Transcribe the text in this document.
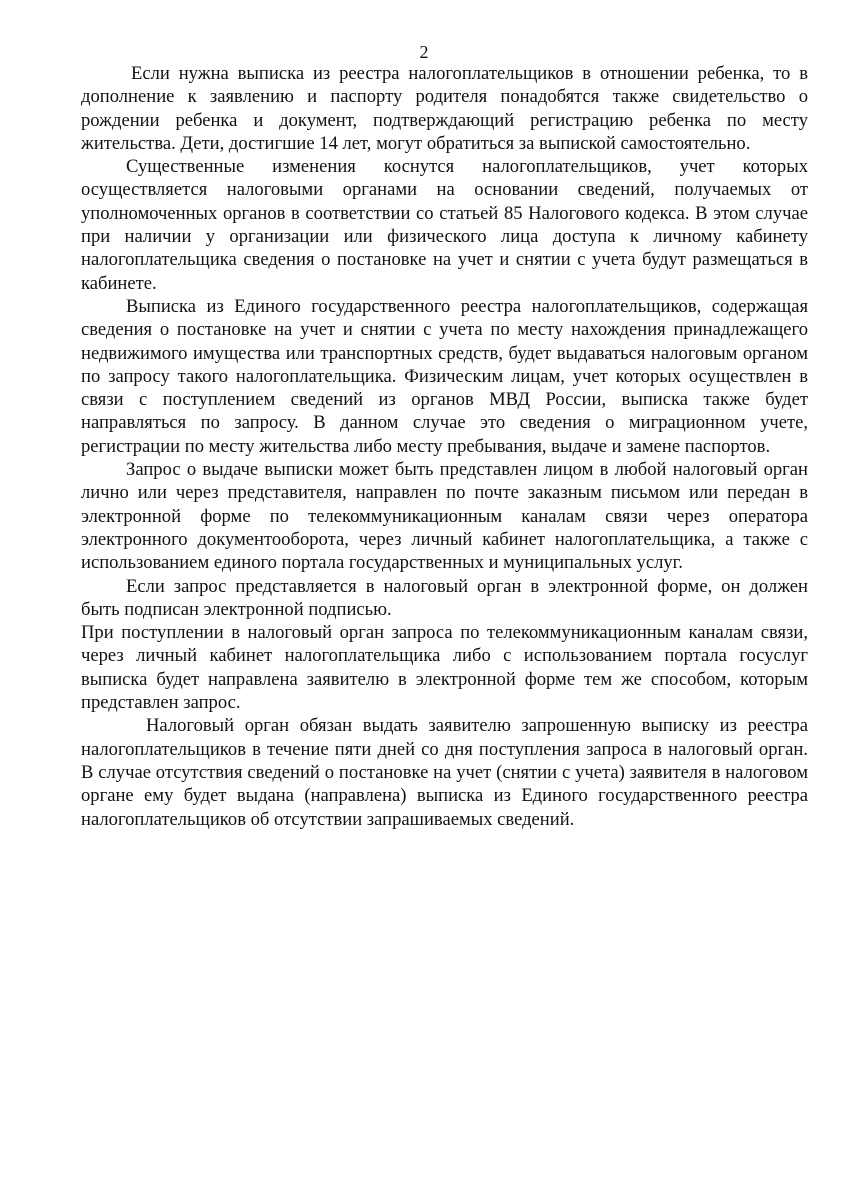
2

Если нужна выписка из реестра налогоплательщиков в отношении ребенка, то в дополнение к заявлению и паспорту родителя понадобятся также свидетельство о рождении ребенка и документ, подтверждающий регистрацию ребенка по месту жительства. Дети, достигшие 14 лет, могут обратиться за выпиской самостоятельно.

Существенные изменения коснутся налогоплательщиков, учет которых осуществляется налоговыми органами на основании сведений, получаемых от уполномоченных органов в соответствии со статьей 85 Налогового кодекса. В этом случае при наличии у организации или физического лица доступа к личному кабинету налогоплательщика сведения о постановке на учет и снятии с учета будут размещаться в кабинете.

Выписка из Единого государственного реестра налогоплательщиков, содержащая сведения о постановке на учет и снятии с учета по месту нахождения принадлежащего недвижимого имущества или транспортных средств, будет выдаваться налоговым органом по запросу такого налогоплательщика. Физическим лицам, учет которых осуществлен в связи с поступлением сведений из органов МВД России, выписка также будет направляться по запросу. В данном случае это сведения о миграционном учете, регистрации по месту жительства либо месту пребывания, выдаче и замене паспортов.

Запрос о выдаче выписки может быть представлен лицом в любой налоговый орган лично или через представителя, направлен по почте заказным письмом или передан в электронной форме по телекоммуникационным каналам связи через оператора электронного документооборота, через личный кабинет налогоплательщика, а также с использованием единого портала государственных и муниципальных услуг.

Если запрос представляется в налоговый орган в электронной форме, он должен быть подписан электронной подписью.

При поступлении в налоговый орган запроса по телекоммуникационным каналам связи, через личный кабинет налогоплательщика либо с использованием портала госуслуг выписка будет направлена заявителю в электронной форме тем же способом, которым представлен запрос.

Налоговый орган обязан выдать заявителю запрошенную выписку из реестра налогоплательщиков в течение пяти дней со дня поступления запроса в налоговый орган. В случае отсутствия сведений о постановке на учет (снятии с учета) заявителя в налоговом органе ему будет выдана (направлена) выписка из Единого государственного реестра налогоплательщиков об отсутствии запрашиваемых сведений.
